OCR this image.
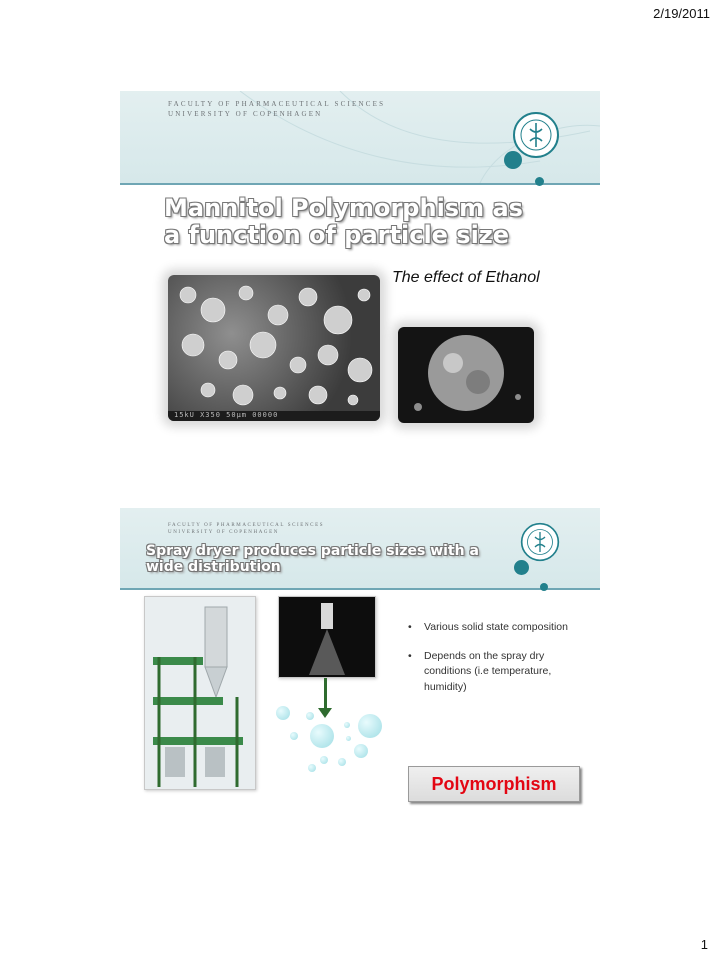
2/19/2011
FACULTY OF PHARMACEUTICAL SCIENCES
UNIVERSITY OF COPENHAGEN
Mannitol Polymorphism as a function of particle size
The effect of Ethanol
15kU X350 50µm 00000
FACULTY OF PHARMACEUTICAL SCIENCES
UNIVERSITY OF COPENHAGEN
Spray dryer produces particle sizes with a wide distribution
• Various solid state composition
• Depends on the spray dry conditions (i.e temperature, humidity)
Polymorphism
1
